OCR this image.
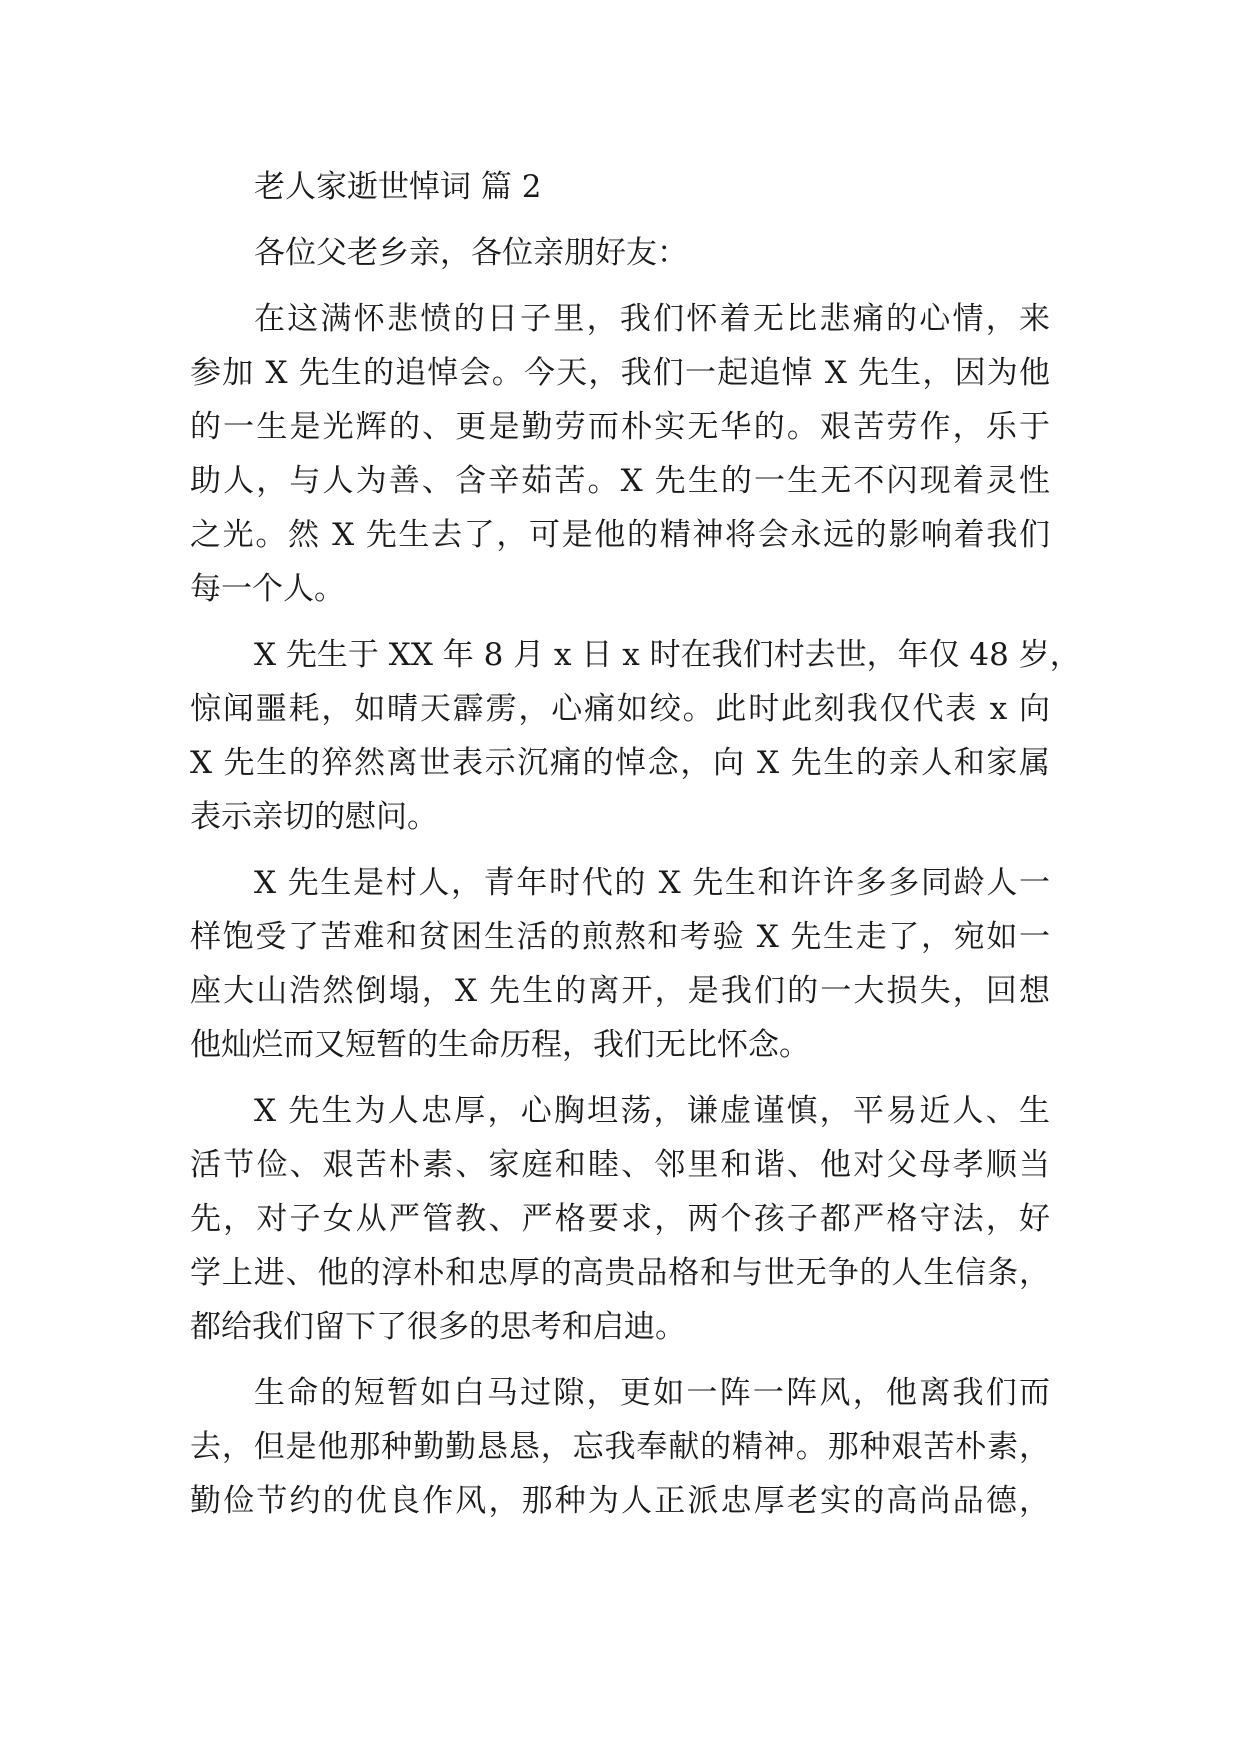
老人家逝世悼词 篇 2
各位父老乡亲，各位亲朋好友：
在这满怀悲愤的日子里，我们怀着无比悲痛的心情，来
参加 X 先生的追悼会。今天，我们一起追悼 X 先生，因为他
的一生是光辉的、更是勤劳而朴实无华的。艰苦劳作，乐于
助人，与人为善、含辛茹苦。X 先生的一生无不闪现着灵性
之光。然 X 先生去了，可是他的精神将会永远的影响着我们
每一个人。
X 先生于 XX 年 8 月 x 日 x 时在我们村去世，年仅 48 岁，
惊闻噩耗，如晴天霹雳，心痛如绞。此时此刻我仅代表 x 向
X 先生的猝然离世表示沉痛的悼念，向 X 先生的亲人和家属
表示亲切的慰问。
X 先生是村人，青年时代的 X 先生和许许多多同龄人一
样饱受了苦难和贫困生活的煎熬和考验 X 先生走了，宛如一
座大山浩然倒塌，X 先生的离开，是我们的一大损失，回想
他灿烂而又短暂的生命历程，我们无比怀念。
X 先生为人忠厚，心胸坦荡，谦虚谨慎，平易近人、生
活节俭、艰苦朴素、家庭和睦、邻里和谐、他对父母孝顺当
先，对子女从严管教、严格要求，两个孩子都严格守法，好
学上进、他的淳朴和忠厚的高贵品格和与世无争的人生信条，
都给我们留下了很多的思考和启迪。
生命的短暂如白马过隙，更如一阵一阵风，他离我们而
去，但是他那种勤勤恳恳，忘我奉献的精神。那种艰苦朴素，
勤俭节约的优良作风，那种为人正派忠厚老实的高尚品德，
